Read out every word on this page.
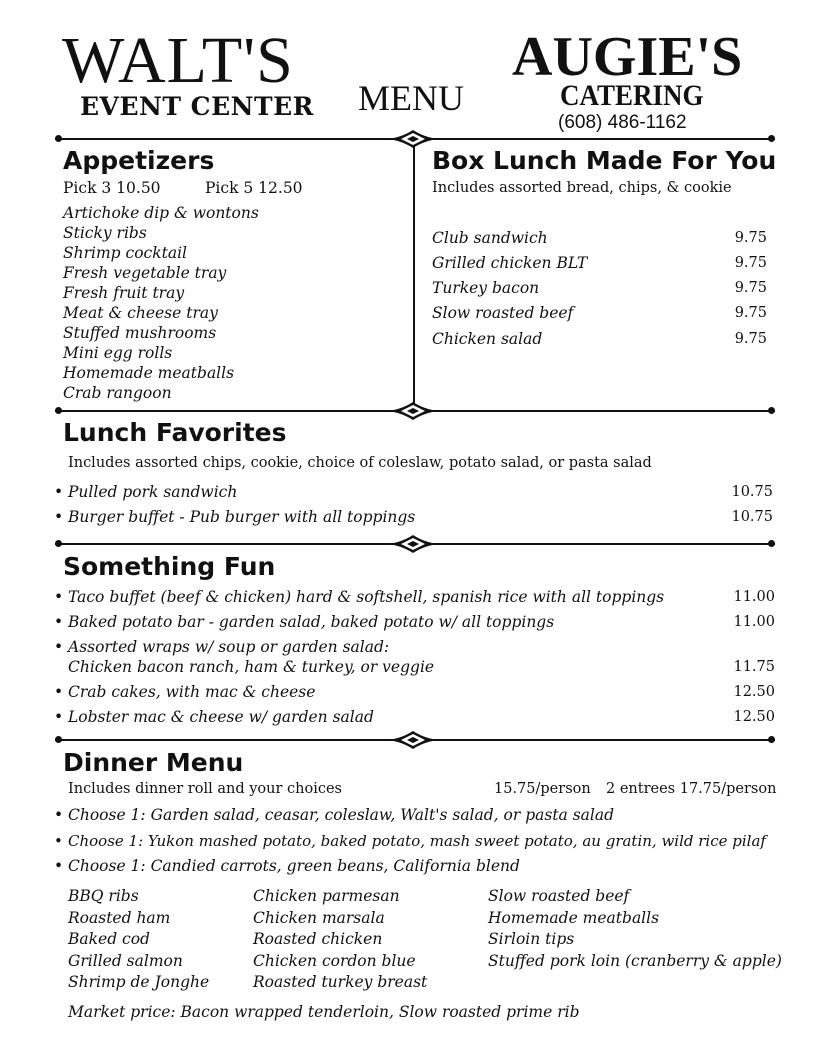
WALT'S
EVENT CENTER MENU
AUGIE'S
CATERING
(608) 486-1162
Appetizers
Pick 3 10.50	Pick 5 12.50
Artichoke dip & wontons
Sticky ribs
Shrimp cocktail
Fresh vegetable tray
Fresh fruit tray
Meat & cheese tray
Stuffed mushrooms
Mini egg rolls
Homemade meatballs
Crab rangoon
Box Lunch Made For You
Includes assorted bread, chips, & cookie
Club sandwich	9.75
Grilled chicken BLT	9.75
Turkey bacon	9.75
Slow roasted beef	9.75
Chicken salad	9.75
Lunch Favorites
Includes assorted chips, cookie, choice of coleslaw, potato salad, or pasta salad
• Pulled pork sandwich	10.75
• Burger buffet - Pub burger with all toppings	10.75
Something Fun
• Taco buffet (beef & chicken) hard & softshell, spanish rice with all toppings	11.00
• Baked potato bar - garden salad, baked potato w/ all toppings	11.00
• Assorted wraps w/ soup or garden salad:
Chicken bacon ranch, ham & turkey, or veggie	11.75
• Crab cakes, with mac & cheese	12.50
• Lobster mac & cheese w/ garden salad	12.50
Dinner Menu
Includes dinner roll and your choices	15.75/person 2 entrees 17.75/person
• Choose 1: Garden salad, ceasar, coleslaw, Walt's salad, or pasta salad
• Choose 1: Yukon mashed potato, baked potato, mash sweet potato, au gratin, wild rice pilaf
• Choose 1: Candied carrots, green beans, California blend
BBQ ribs
Roasted ham
Baked cod
Grilled salmon
Shrimp de Jonghe
Chicken parmesan
Chicken marsala
Roasted chicken
Chicken cordon blue
Roasted turkey breast
Slow roasted beef
Homemade meatballs
Sirloin tips
Stuffed pork loin (cranberry & apple)
Market price: Bacon wrapped tenderloin, Slow roasted prime rib
